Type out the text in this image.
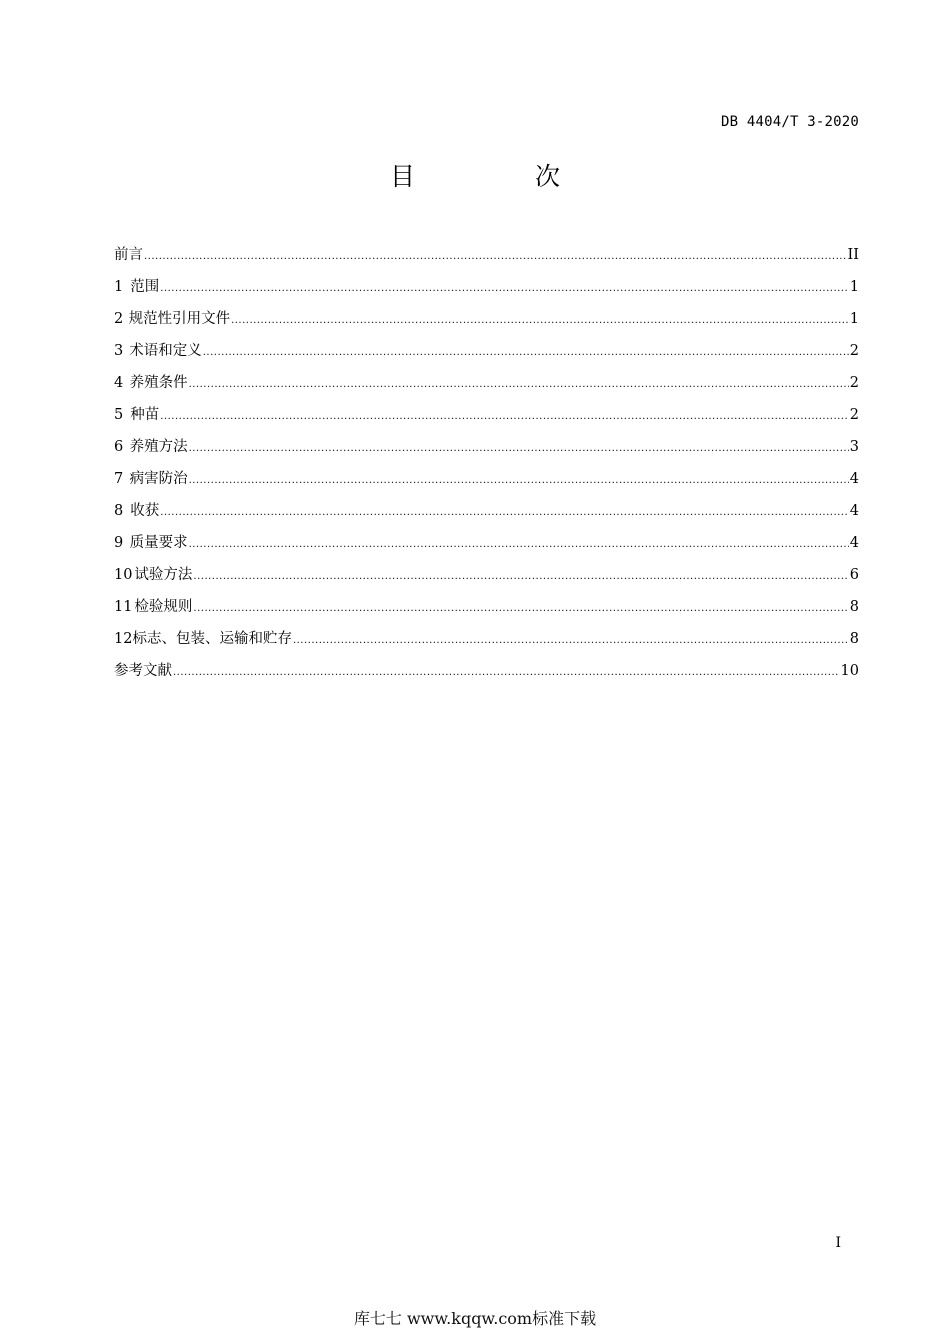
DB 4404/T 3-2020
目 次
前言 .....	II
1 范围 .....	1
2 规范性引用文件 .....	1
3 术语和定义 .....	2
4 养殖条件 .....	2
5 种苗 .....	2
6 养殖方法 .....	3
7 病害防治 .....	4
8 收获 .....	4
9 质量要求 .....	4
10 试验方法 .....	6
11 检验规则 .....	8
12 标志、包装、运输和贮存 .....	8
参考文献 .....	10
I
库七七 www.kqqw.com标准下载
